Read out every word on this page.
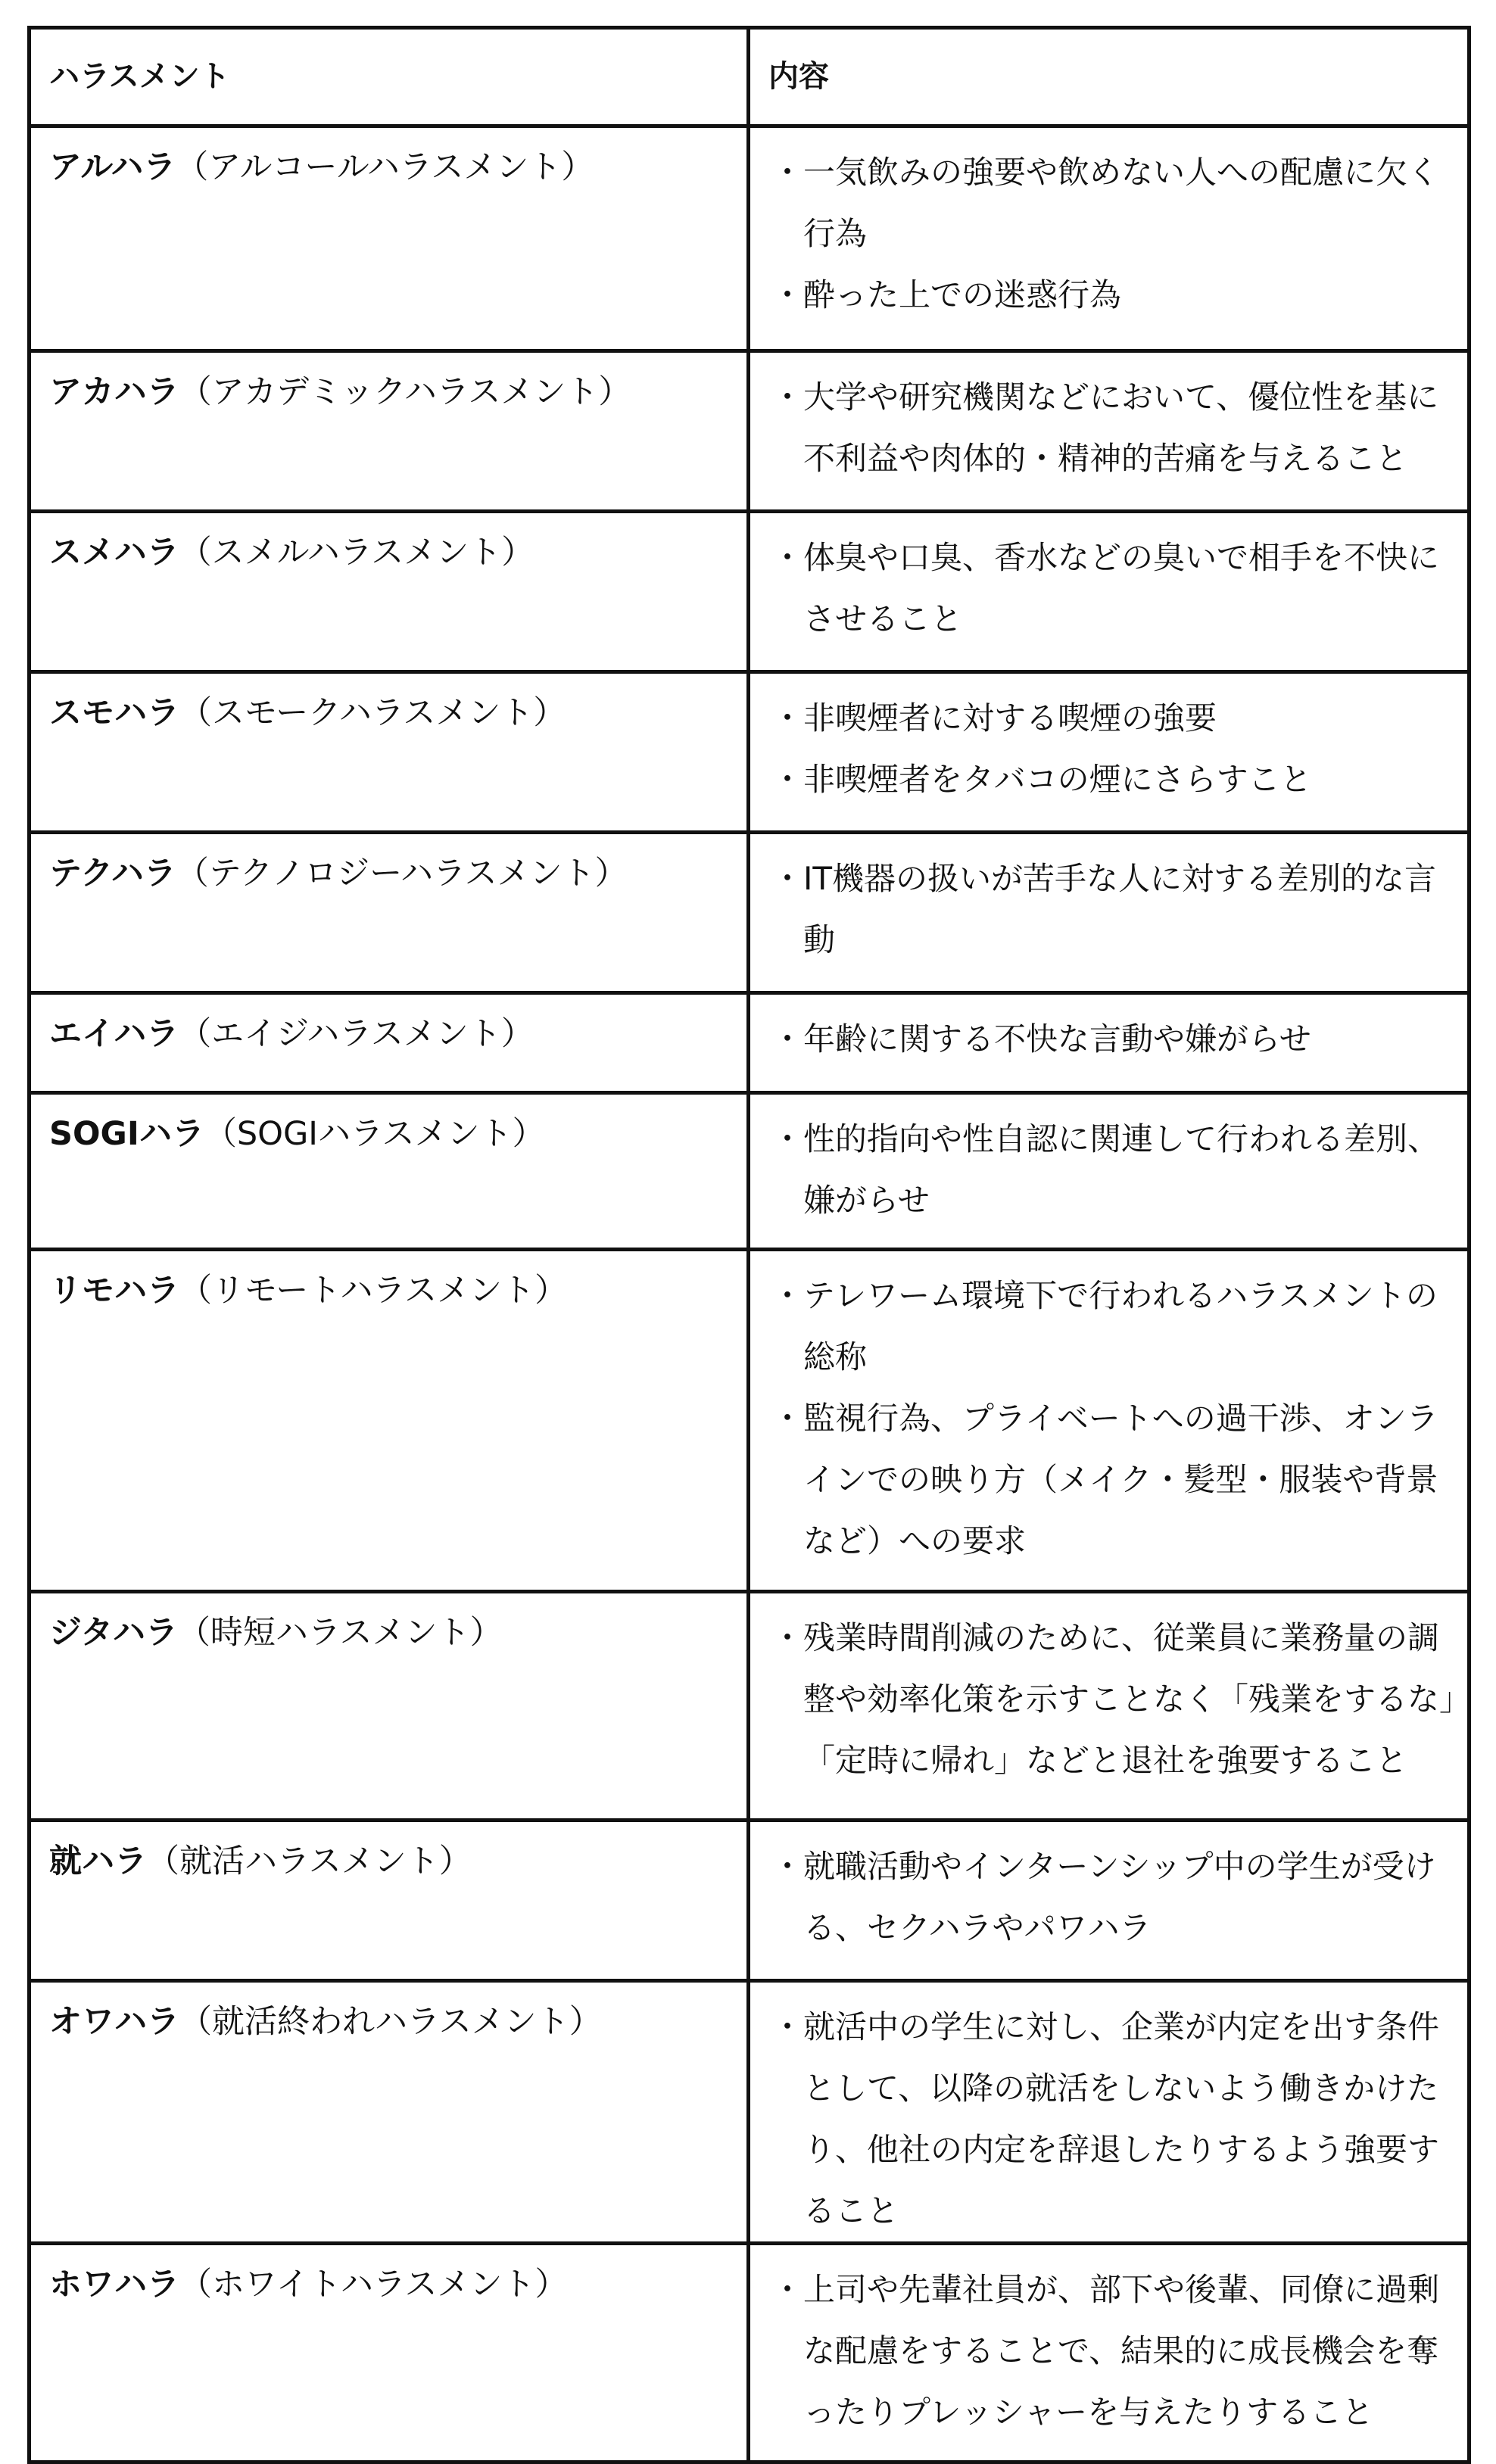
ハラスメント	内容
アルハラ（アルコールハラスメント）	・ 一気飲みの強要や飲めない人への配慮に欠く行為
・ 酔った上での迷惑行為

アカハラ（アカデミックハラスメント）	・ 大学や研究機関などにおいて、優位性を基に不利益や肉体的・精神的苦痛を与えること

スメハラ（スメルハラスメント）	・ 体臭や口臭、香水などの臭いで相手を不快にさせること

スモハラ（スモークハラスメント）	・ 非喫煙者に対する喫煙の強要
・ 非喫煙者をタバコの煙にさらすこと

テクハラ（テクノロジーハラスメント）	・ IT機器の扱いが苦手な人に対する差別的な言動

エイハラ（エイジハラスメント）	・ 年齢に関する不快な言動や嫌がらせ

SOGIハラ（SOGIハラスメント）	・ 性的指向や性自認に関連して行われる差別、嫌がらせ

リモハラ（リモートハラスメント）	・ テレワーム環境下で行われるハラスメントの総称
・ 監視行為、プライベートへの過干渉、オンラインでの映り方（メイク・髪型・服装や背景など）への要求

ジタハラ（時短ハラスメント）	・ 残業時間削減のために、従業員に業務量の調整や効率化策を示すことなく「残業をするな」「定時に帰れ」などと退社を強要すること

就ハラ（就活ハラスメント）	・ 就職活動やインターンシップ中の学生が受ける、セクハラやパワハラ

オワハラ（就活終われハラスメント）	・ 就活中の学生に対し、企業が内定を出す条件として、以降の就活をしないよう働きかけたり、他社の内定を辞退したりするよう強要すること

ホワハラ（ホワイトハラスメント）	・ 上司や先輩社員が、部下や後輩、同僚に過剰な配慮をすることで、結果的に成長機会を奪ったりプレッシャーを与えたりすること
